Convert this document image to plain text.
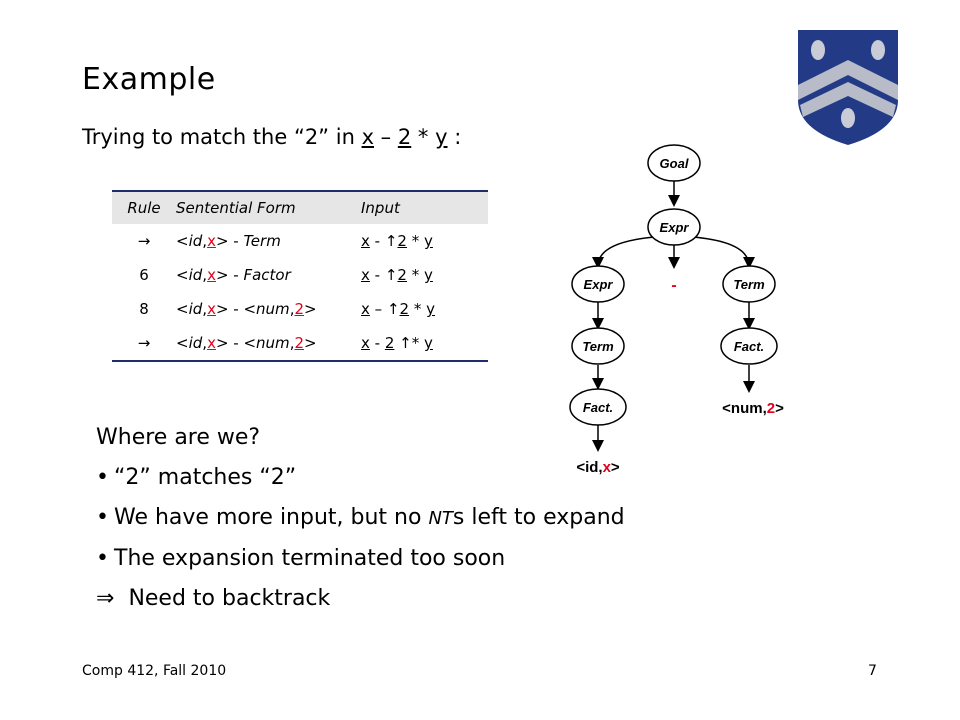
Example
Trying to match the “2” in x – 2 * y :
Rule	Sentential Form	Input
→	<id,x> - Term	x - ↑2 * y
6	<id,x> - Factor	x - ↑2 * y
8	<id,x> - <num,2>	x – ↑2 * y
→	<id,x> - <num,2>	x - 2 ↑* y
Where are we?
• “2” matches “2”
• We have more input, but no NTs left to expand
• The expansion terminated too soon
⇒ Need to backtrack
Goal
Expr
Expr	-	Term
Term	Fact.
Fact.	<num,2>
<id,x>
Comp 412, Fall 2010	7
